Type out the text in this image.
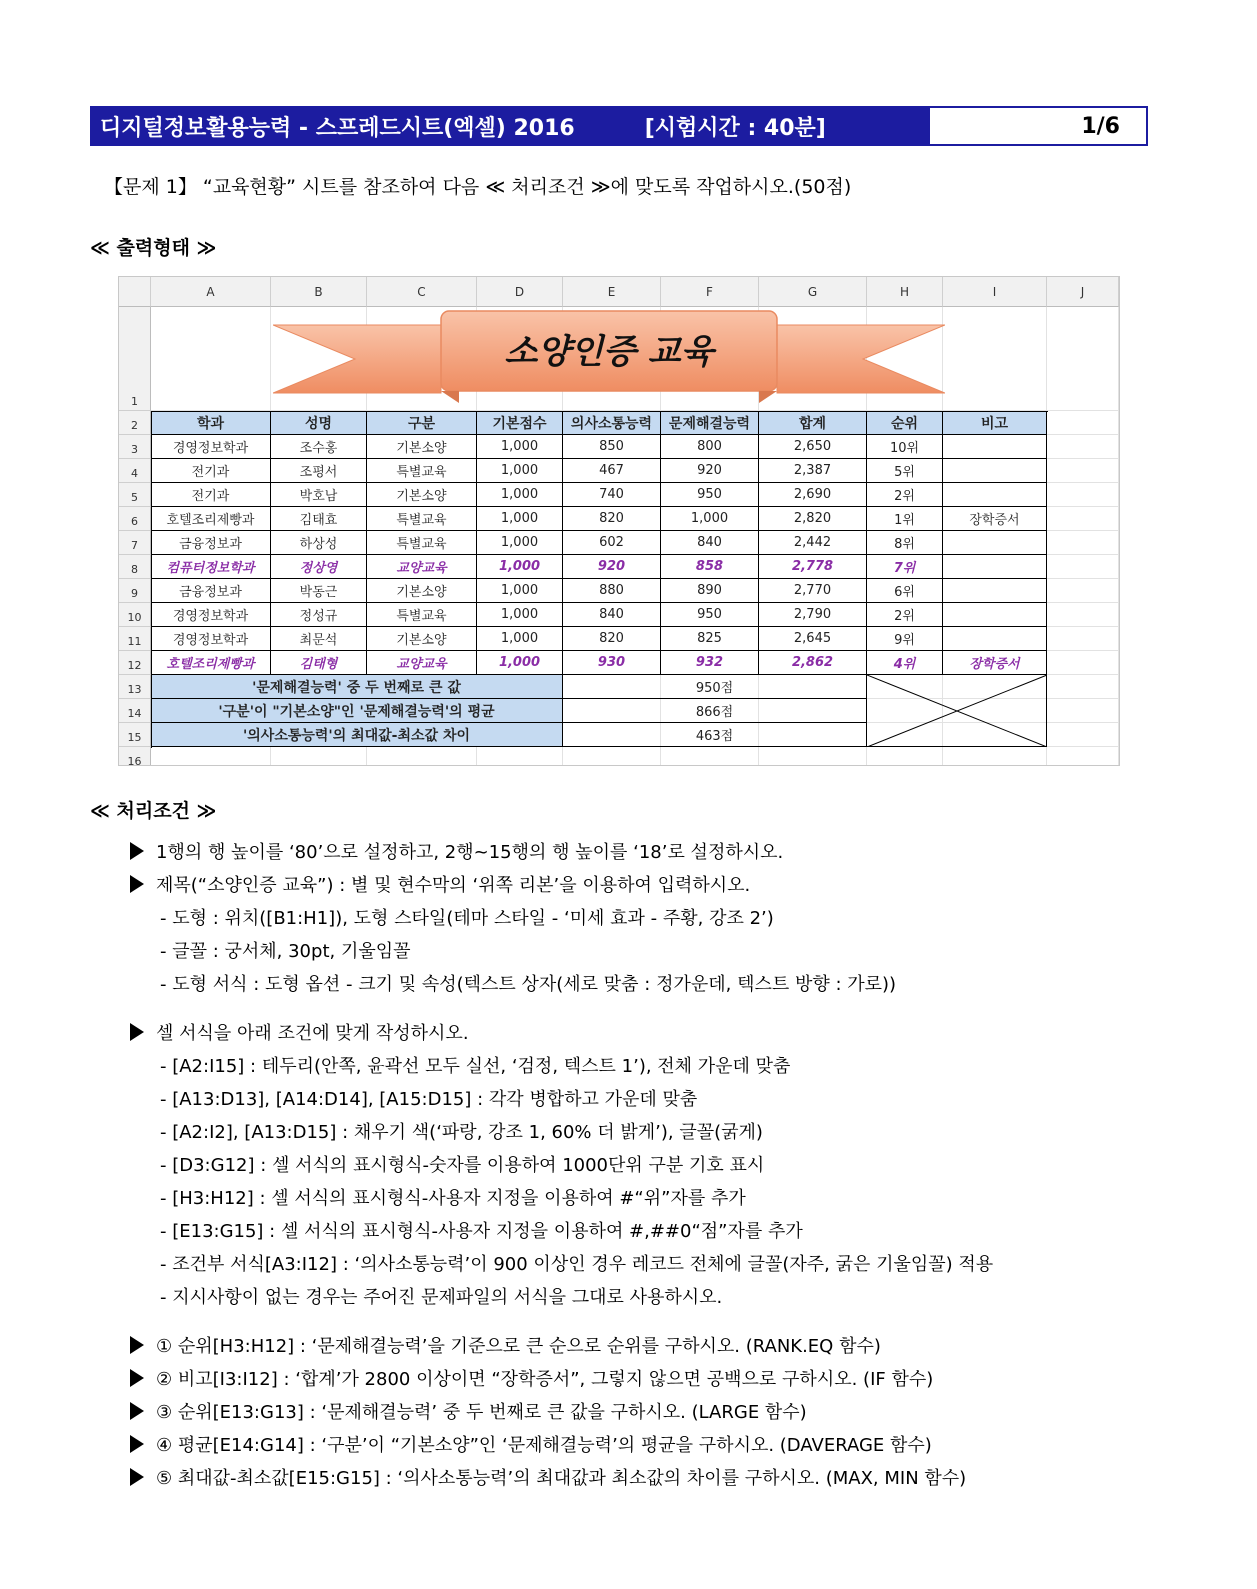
디지털정보활용능력 - 스프레드시트(엑셀) 2016	[시험시간 : 40분]	1/6
【문제 1】 “교육현황” 시트를 참조하여 다음 ≪ 처리조건 ≫에 맞도록 작업하시오.(50점)
≪ 출력형태 ≫
A	B	C	D	E	F	G	H	I	J
1
2
3
4
5
6
7
8
9
10
11
12
13
14
15
16
학과	성명	구분	기본점수	의사소통능력	문제해결능력	합계	순위	비고
경영정보학과	조수홍	기본소양	1,000	850	800	2,650	10위
전기과	조평서	특별교육	1,000	467	920	2,387	5위
전기과	박호남	기본소양	1,000	740	950	2,690	2위
호텔조리제빵과	김태효	특별교육	1,000	820	1,000	2,820	1위	장학증서
금융정보과	하상성	특별교육	1,000	602	840	2,442	8위
컴퓨터정보학과	정상영	교양교육	1,000	920	858	2,778	7위
금융정보과	박동근	기본소양	1,000	880	890	2,770	6위
경영정보학과	정성규	특별교육	1,000	840	950	2,790	2위
경영정보학과	최문석	기본소양	1,000	820	825	2,645	9위
호텔조리제빵과	김태형	교양교육	1,000	930	932	2,862	4위	장학증서
'문제해결능력' 중 두 번째로 큰 값	950점
'구분'이 "기본소양"인 '문제해결능력'의 평균	866점
'의사소통능력'의 최대값-최소값 차이	463점
소양인증 교육
≪ 처리조건 ≫
1행의 행 높이를 ‘80’으로 설정하고, 2행~15행의 행 높이를 ‘18’로 설정하시오.
제목(“소양인증 교육”) : 별 및 현수막의 ‘위쪽 리본’을 이용하여 입력하시오.
- 도형 : 위치([B1:H1]), 도형 스타일(테마 스타일 - ‘미세 효과 - 주황, 강조 2’)
- 글꼴 : 궁서체, 30pt, 기울임꼴
- 도형 서식 : 도형 옵션 - 크기 및 속성(텍스트 상자(세로 맞춤 : 정가운데, 텍스트 방향 : 가로))
셀 서식을 아래 조건에 맞게 작성하시오.
- [A2:I15] : 테두리(안쪽, 윤곽선 모두 실선, ‘검정, 텍스트 1’), 전체 가운데 맞춤
- [A13:D13], [A14:D14], [A15:D15] : 각각 병합하고 가운데 맞춤
- [A2:I2], [A13:D15] : 채우기 색(‘파랑, 강조 1, 60% 더 밝게’), 글꼴(굵게)
- [D3:G12] : 셀 서식의 표시형식-숫자를 이용하여 1000단위 구분 기호 표시
- [H3:H12] : 셀 서식의 표시형식-사용자 지정을 이용하여 #“위”자를 추가
- [E13:G15] : 셀 서식의 표시형식-사용자 지정을 이용하여 #,##0“점”자를 추가
- 조건부 서식[A3:I12] : ‘의사소통능력’이 900 이상인 경우 레코드 전체에 글꼴(자주, 굵은 기울임꼴) 적용
- 지시사항이 없는 경우는 주어진 문제파일의 서식을 그대로 사용하시오.
① 순위[H3:H12] : ‘문제해결능력’을 기준으로 큰 순으로 순위를 구하시오. (RANK.EQ 함수)
② 비고[I3:I12] : ‘합계’가 2800 이상이면 “장학증서”, 그렇지 않으면 공백으로 구하시오. (IF 함수)
③ 순위[E13:G13] : ‘문제해결능력’ 중 두 번째로 큰 값을 구하시오. (LARGE 함수)
④ 평균[E14:G14] : ‘구분’이 “기본소양”인 ‘문제해결능력’의 평균을 구하시오. (DAVERAGE 함수)
⑤ 최대값-최소값[E15:G15] : ‘의사소통능력’의 최대값과 최소값의 차이를 구하시오. (MAX, MIN 함수)
